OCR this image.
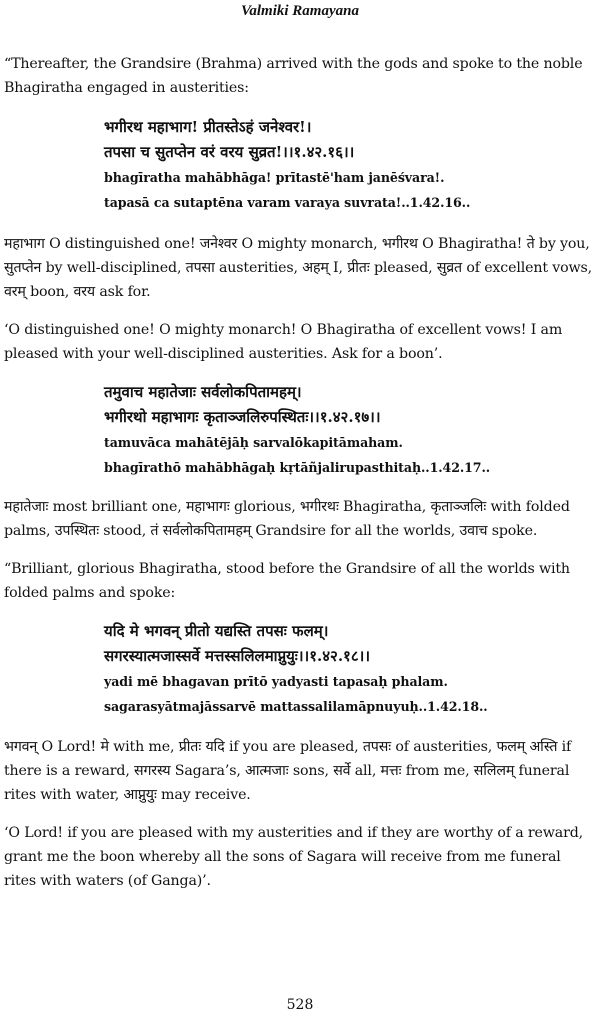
Valmiki Ramayana

“Thereafter, the Grandsire (Brahma) arrived with the gods and spoke to the noble Bhagiratha engaged in austerities:

भगीरथ महाभाग! प्रीतस्तेऽहं जनेश्वर!।

तपसा च सुतप्तेन वरं वरय सुव्रत!।।१.४२.१६।।

bhagīratha mahābhāga! prītastē'ham janēśvara!.

tapasā ca sutaptēna varam varaya suvrata!..1.42.16..

महाभाग O distinguished one! जनेश्वर O mighty monarch, भगीरथ O Bhagiratha! ते by you, सुतप्तेन by well-disciplined, तपसा austerities, अहम् I, प्रीतः pleased, सुव्रत of excellent vows, वरम् boon, वरय ask for.

‘O distinguished one! O mighty monarch! O Bhagiratha of excellent vows! I am pleased with your well-disciplined austerities. Ask for a boon’.

तमुवाच महातेजाः सर्वलोकपितामहम्।

भगीरथो महाभागः कृताञ्जलिरुपस्थितः।।१.४२.१७।।

tamuvāca mahātējāḥ sarvalōkapitāmaham.

bhagīrathō mahābhāgaḥ kṛtāñjalirupasthitaḥ..1.42.17..

महातेजाः most brilliant one, महाभागः glorious, भगीरथः Bhagiratha, कृताञ्जलिः with folded palms, उपस्थितः stood, तं सर्वलोकपितामहम् Grandsire for all the worlds, उवाच spoke.

“Brilliant, glorious Bhagiratha, stood before the Grandsire of all the worlds with folded palms and spoke:

यदि मे भगवन् प्रीतो यद्यस्ति तपसः फलम्।

सगरस्यात्मजास्सर्वे मत्तस्सलिलमाप्नुयुः।।१.४२.१८।।

yadi mē bhagavan prītō yadyasti tapasaḥ phalam.

sagarasyātmajāssarvē mattassalilamāpnuyuḥ..1.42.18..

भगवन् O Lord! मे with me, प्रीतः यदि if you are pleased, तपसः of austerities, फलम् अस्ति if there is a reward, सगरस्य Sagara’s, आत्मजाः sons, सर्वे all, मत्तः from me, सलिलम् funeral rites with water, आप्नुयुः may receive.

‘O Lord! if you are pleased with my austerities and if they are worthy of a reward, grant me the boon whereby all the sons of Sagara will receive from me funeral rites with waters (of Ganga)’.

528
